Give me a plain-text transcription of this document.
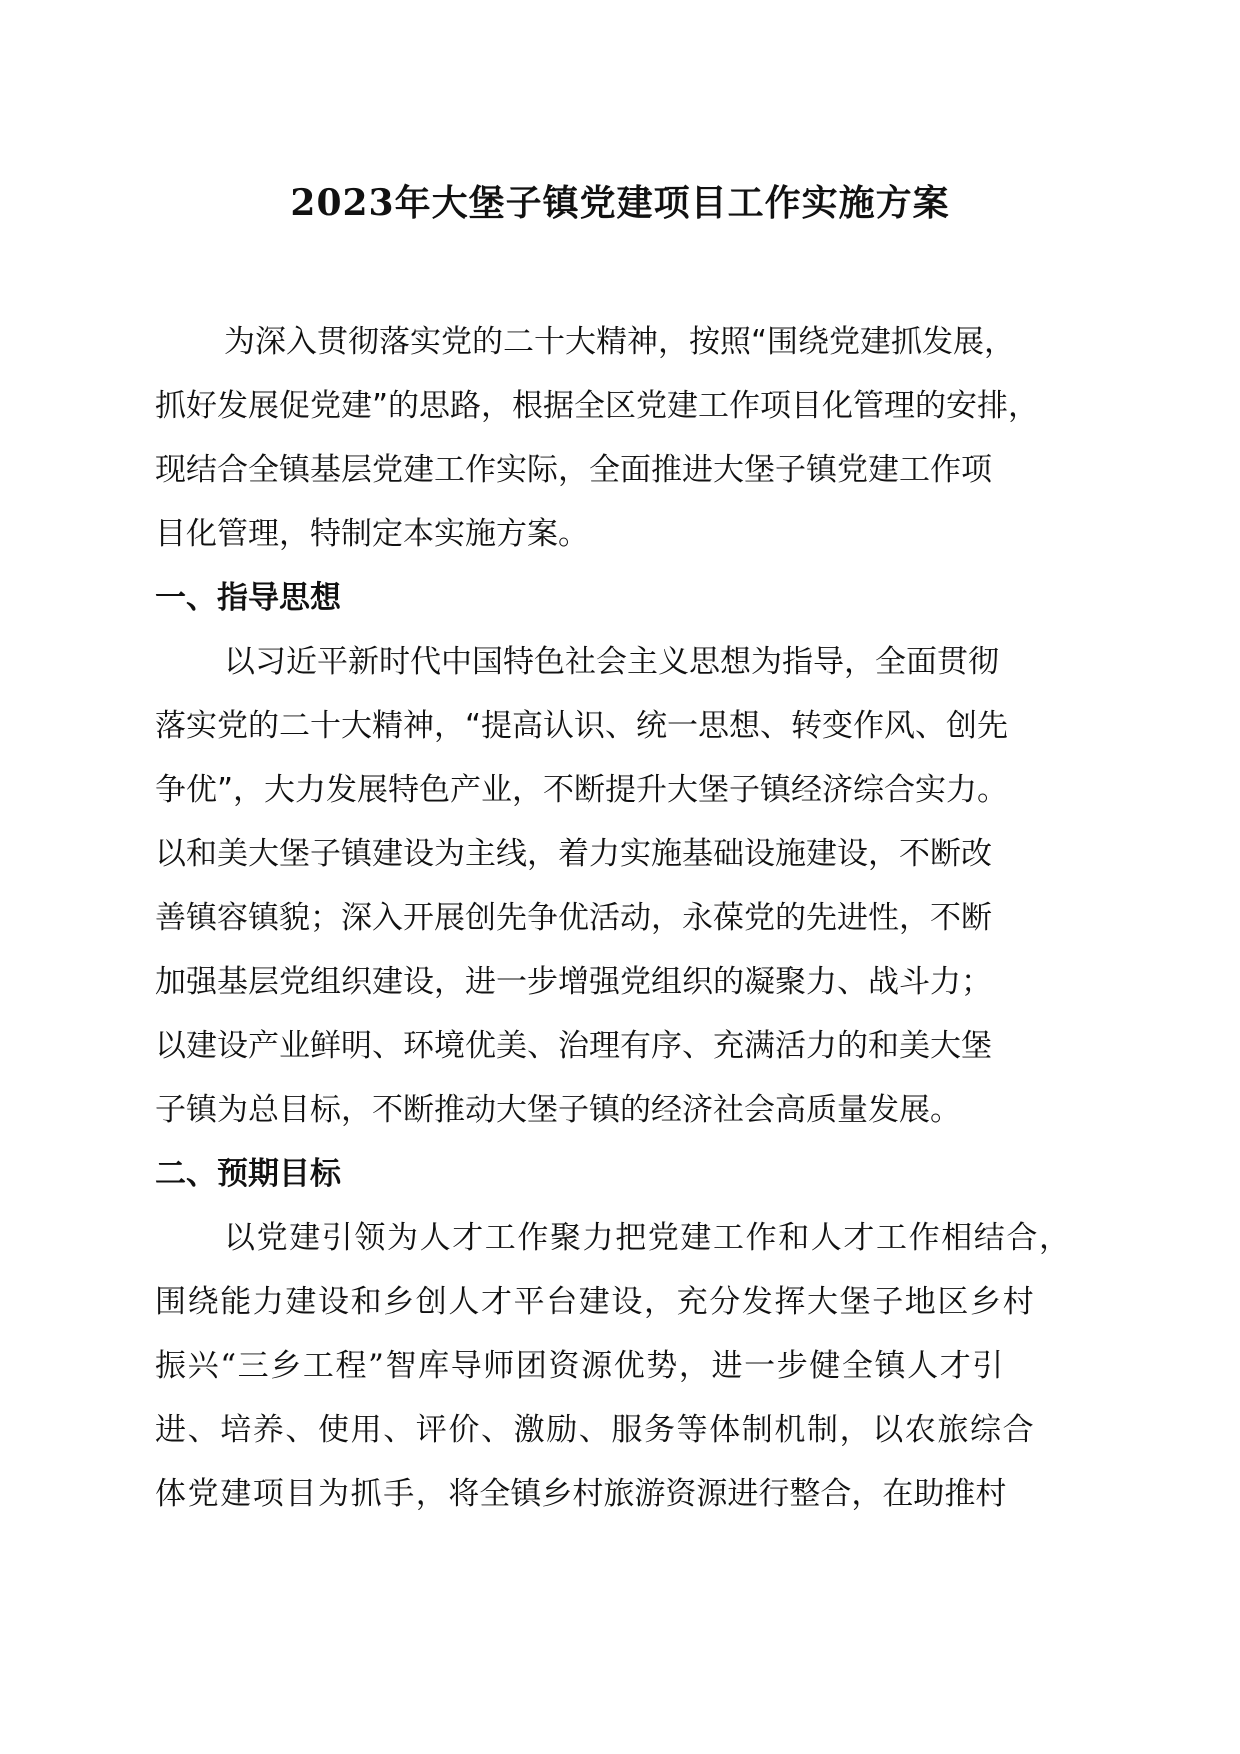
2023年大堡子镇党建项目工作实施方案

为深入贯彻落实党的二十大精神，按照“围绕党建抓发展，

抓好发展促党建”的思路，根据全区党建工作项目化管理的安排，

现结合全镇基层党建工作实际，全面推进大堡子镇党建工作项

目化管理，特制定本实施方案。

一、指导思想

以习近平新时代中国特色社会主义思想为指导，全面贯彻

落实党的二十大精神，“提高认识、统一思想、转变作风、创先

争优”，大力发展特色产业，不断提升大堡子镇经济综合实力。

以和美大堡子镇建设为主线，着力实施基础设施建设，不断改

善镇容镇貌；深入开展创先争优活动，永葆党的先进性，不断

加强基层党组织建设，进一步增强党组织的凝聚力、战斗力；

以建设产业鲜明、环境优美、治理有序、充满活力的和美大堡

子镇为总目标，不断推动大堡子镇的经济社会高质量发展。

二、预期目标

以党建引领为人才工作聚力把党建工作和人才工作相结合，

围绕能力建设和乡创人才平台建设，充分发挥大堡子地区乡村

振兴“三乡工程”智库导师团资源优势，进一步健全镇人才引

进、培养、使用、评价、激励、服务等体制机制，以农旅综合

体党建项目为抓手，将全镇乡村旅游资源进行整合，在助推村
